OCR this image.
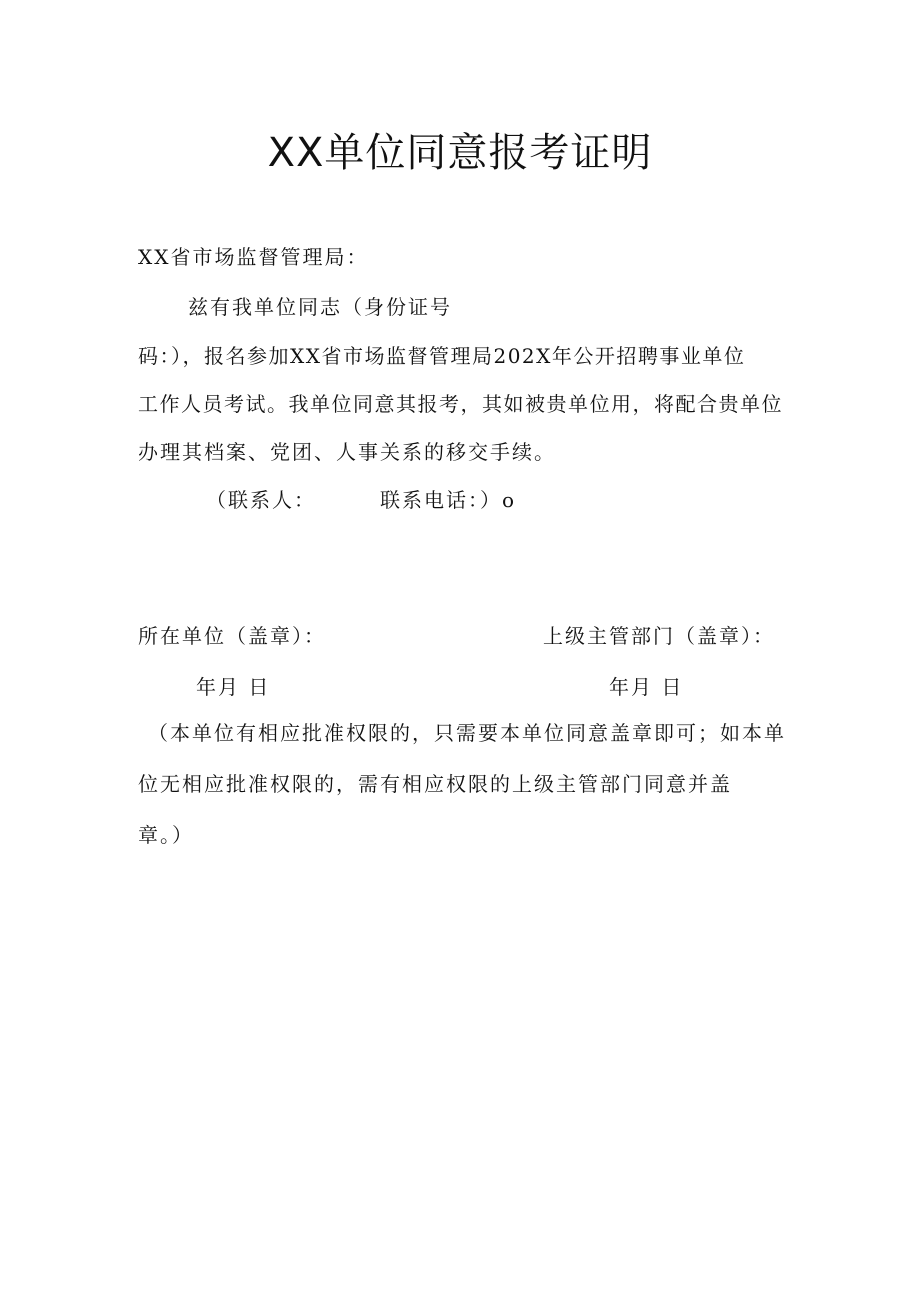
XX单位同意报考证明
XX省市场监督管理局：
兹有我单位同志（身份证号
码：），报名参加XX省市场监督管理局202X年公开招聘事业单位
工作人员考试。我单位同意其报考，其如被贵单位用，将配合贵单位
办理其档案、党团、人事关系的移交手续。
（联系人：	联系电话：）o
所在单位（盖章）：	上级主管部门（盖章）：
年月 日	年月 日
（本单位有相应批准权限的，只需要本单位同意盖章即可；如本单
位无相应批准权限的，需有相应权限的上级主管部门同意并盖
章。）
